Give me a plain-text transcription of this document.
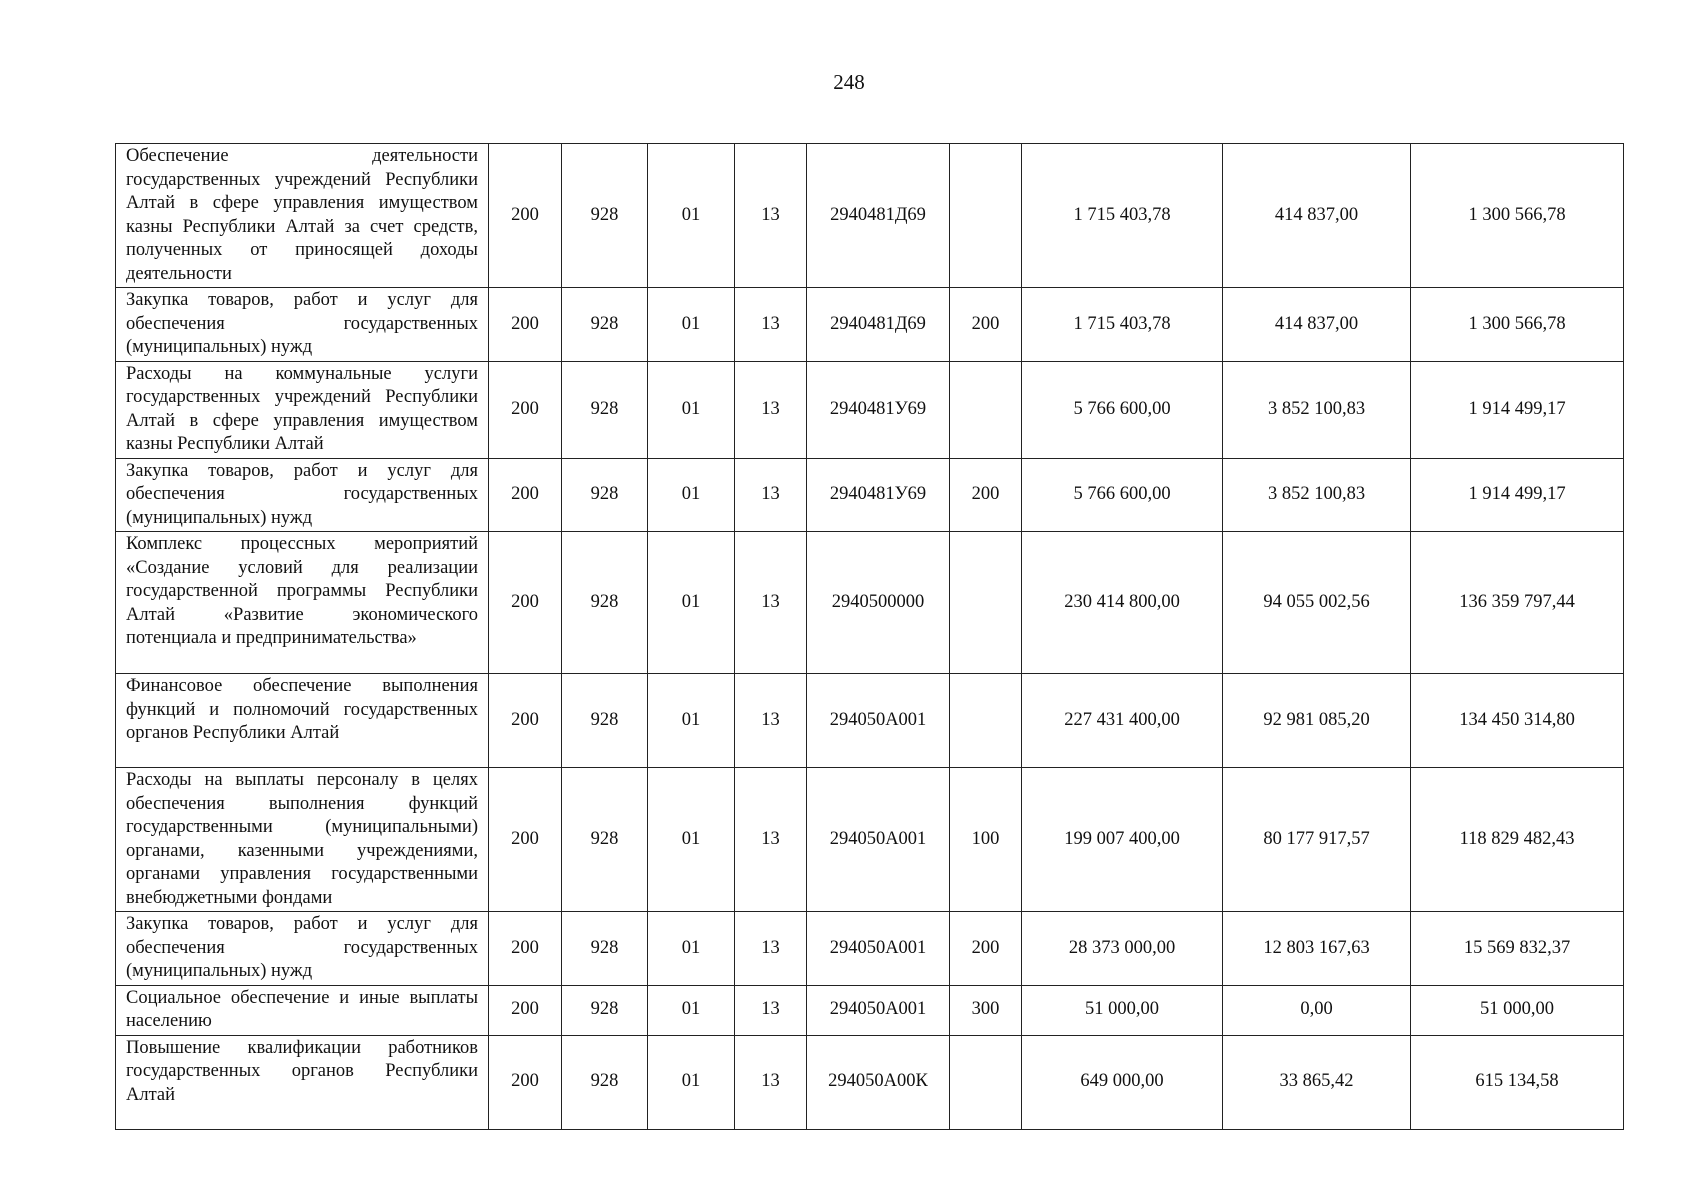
248
Обеспечение деятельности государственных учреждений Республики Алтай в сфере управления имуществом казны Республики Алтай за счет средств, полученных от приносящей доходы деятельности	200	928	01	13	2940481Д69		1 715 403,78	414 837,00	1 300 566,78
Закупка товаров, работ и услуг для обеспечения государственных (муниципальных) нужд	200	928	01	13	2940481Д69	200	1 715 403,78	414 837,00	1 300 566,78
Расходы на коммунальные услуги государственных учреждений Республики Алтай в сфере управления имуществом казны Республики Алтай	200	928	01	13	2940481У69		5 766 600,00	3 852 100,83	1 914 499,17
Закупка товаров, работ и услуг для обеспечения государственных (муниципальных) нужд	200	928	01	13	2940481У69	200	5 766 600,00	3 852 100,83	1 914 499,17
Комплекс процессных мероприятий «Создание условий для реализации государственной программы Республики Алтай «Развитие экономического потенциала и предпринимательства»	200	928	01	13	2940500000		230 414 800,00	94 055 002,56	136 359 797,44
Финансовое обеспечение выполнения функций и полномочий государственных органов Республики Алтай	200	928	01	13	294050А001		227 431 400,00	92 981 085,20	134 450 314,80
Расходы на выплаты персоналу в целях обеспечения выполнения функций государственными (муниципальными) органами, казенными учреждениями, органами управления государственными внебюджетными фондами	200	928	01	13	294050А001	100	199 007 400,00	80 177 917,57	118 829 482,43
Закупка товаров, работ и услуг для обеспечения государственных (муниципальных) нужд	200	928	01	13	294050А001	200	28 373 000,00	12 803 167,63	15 569 832,37
Социальное обеспечение и иные выплаты населению	200	928	01	13	294050А001	300	51 000,00	0,00	51 000,00
Повышение квалификации работников государственных органов Республики Алтай	200	928	01	13	294050А00К		649 000,00	33 865,42	615 134,58
